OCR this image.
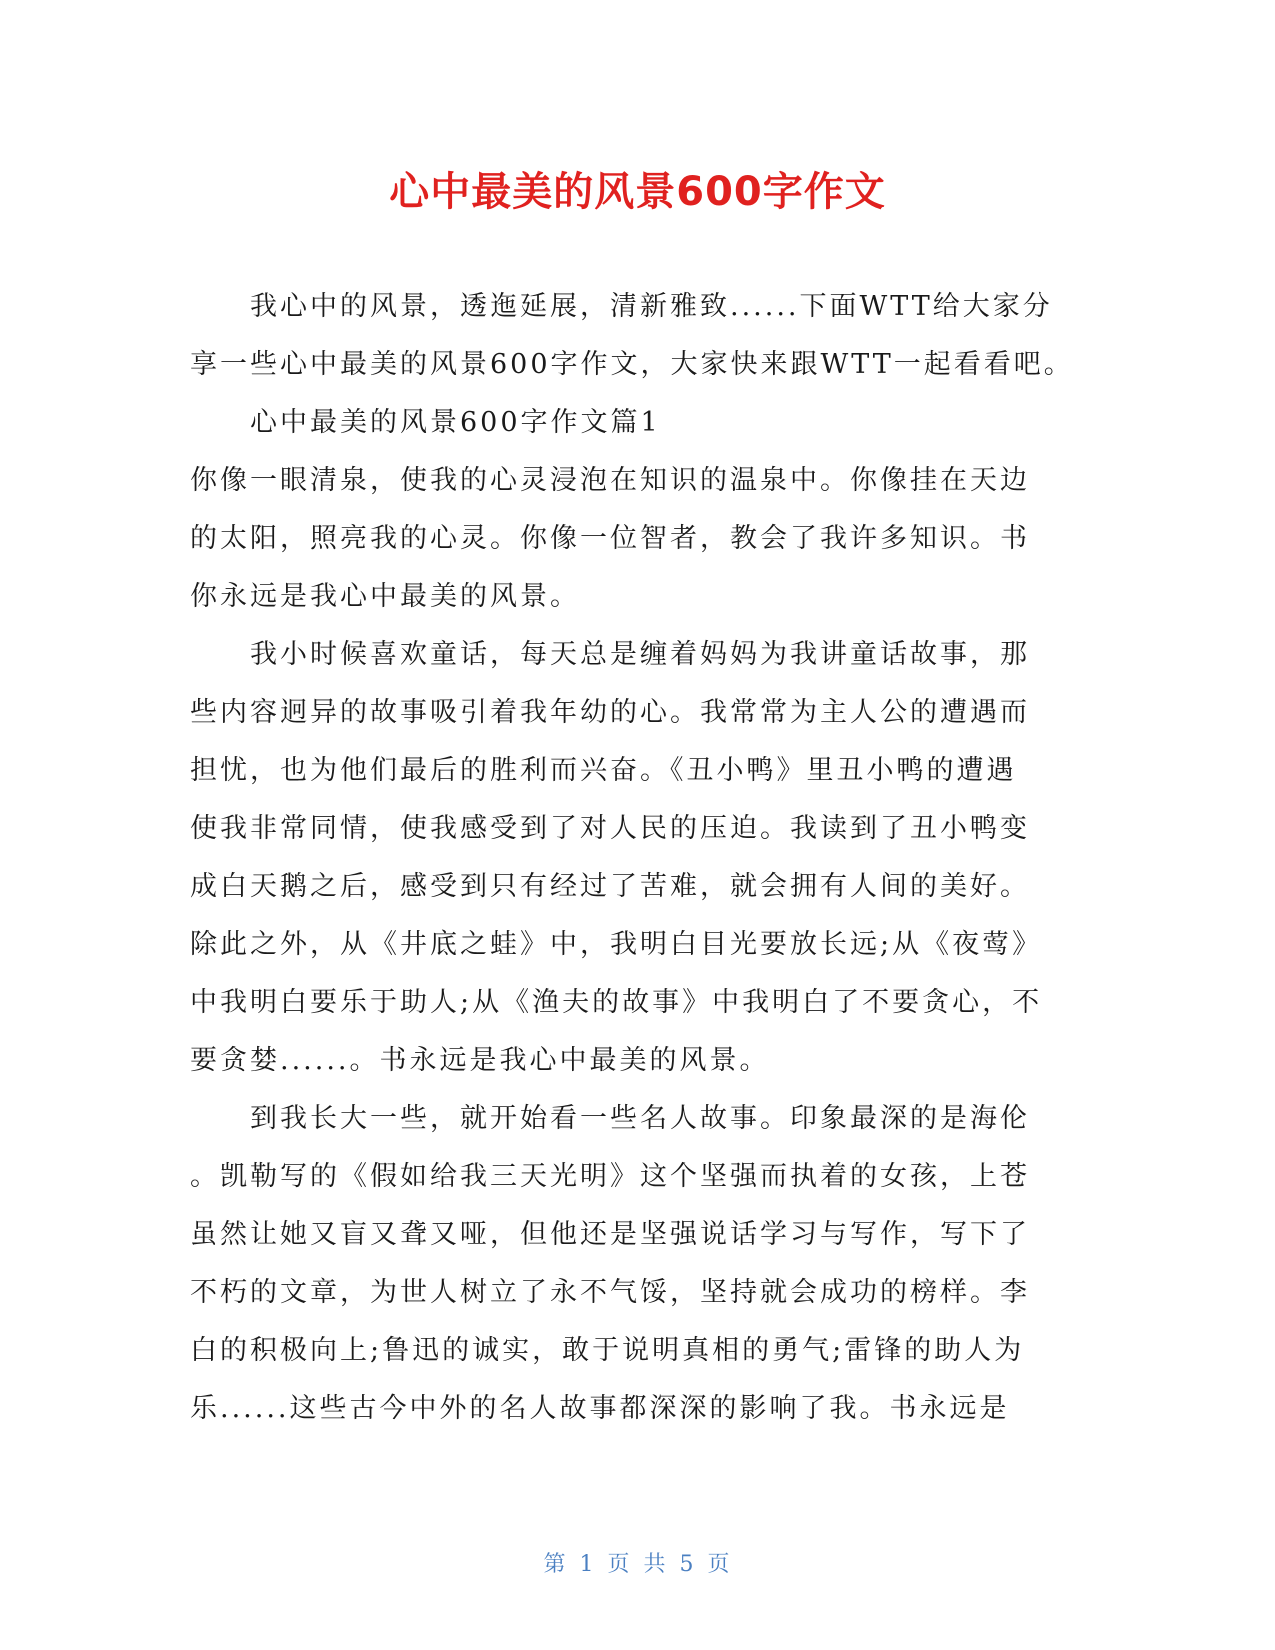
心中最美的风景600字作文
　　我心中的风景，透迤延展，清新雅致......下面WTT给大家分
享一些心中最美的风景600字作文，大家快来跟WTT一起看看吧。
　　心中最美的风景600字作文篇1
你像一眼清泉，使我的心灵浸泡在知识的温泉中。你像挂在天边
的太阳，照亮我的心灵。你像一位智者，教会了我许多知识。书
你永远是我心中最美的风景。
　　我小时候喜欢童话，每天总是缠着妈妈为我讲童话故事，那
些内容迥异的故事吸引着我年幼的心。我常常为主人公的遭遇而
担忧，也为他们最后的胜利而兴奋。《丑小鸭》里丑小鸭的遭遇
使我非常同情，使我感受到了对人民的压迫。我读到了丑小鸭变
成白天鹅之后，感受到只有经过了苦难，就会拥有人间的美好。
除此之外，从《井底之蛙》中，我明白目光要放长远;从《夜莺》
中我明白要乐于助人;从《渔夫的故事》中我明白了不要贪心，不
要贪婪......。书永远是我心中最美的风景。
　　到我长大一些，就开始看一些名人故事。印象最深的是海伦
。凯勒写的《假如给我三天光明》这个坚强而执着的女孩，上苍
虽然让她又盲又聋又哑，但他还是坚强说话学习与写作，写下了
不朽的文章，为世人树立了永不气馁，坚持就会成功的榜样。李
白的积极向上;鲁迅的诚实，敢于说明真相的勇气;雷锋的助人为
乐......这些古今中外的名人故事都深深的影响了我。书永远是
第 1 页 共 5 页
